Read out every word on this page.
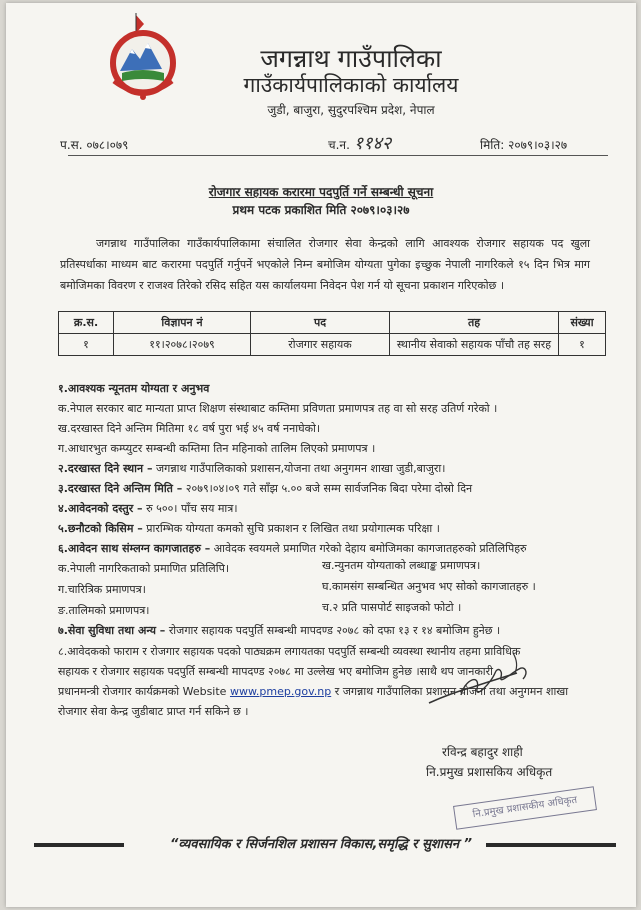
जगन्नाथ गाउँपालिका
गाउँकार्यपालिकाको कार्यालय
जुडी, बाजुरा, सुदुरपश्चिम प्रदेश, नेपाल
प.स. ०७८।०७९	च.न. ११४२	मिति: २०७९।०३।२७
रोजगार सहायक करारमा पदपुर्ति गर्ने सम्बन्धी सूचना
प्रथम पटक प्रकाशित मिति २०७९।०३।२७
जगन्नाथ गाउँपालिका गाउँकार्यपालिकामा संचालित रोजगार सेवा केन्द्रको लागि आवश्यक रोजगार सहायक पद खुला प्रतिस्पर्धाका माध्यम बाट करारमा पदपुर्ति गर्नुपर्ने भएकोले निम्न बमोजिम योग्यता पुगेका इच्छुक नेपाली नागरिकले १५ दिन भित्र माग बमोजिमका विवरण र राजश्व तिरेको रसिद सहित यस कार्यालयमा निवेदन पेश गर्न यो सूचना प्रकाशन गरिएकोछ ।
क्र.स.	विज्ञापन नं	पद	तह	संख्या
१	११।२०७८।२०७९	रोजगार सहायक	स्थानीय सेवाको सहायक पाँचौ तह सरह	१
१.आवश्यक न्यूनतम योग्यता र अनुभव
क.नेपाल सरकार बाट मान्यता प्राप्त शिक्षण संस्थाबाट कम्तिमा प्रविणता प्रमाणपत्र तह वा सो सरह उतिर्ण गरेको ।
ख.दरखास्त दिने अन्तिम मितिमा १८ वर्ष पुरा भई ४५ वर्ष ननाघेको।
ग.आधारभुत कम्प्युटर सम्बन्धी कम्तिमा तिन महिनाको तालिम लिएको प्रमाणपत्र ।
२.दरखास्त दिने स्थान – जगन्नाथ गाउँपालिकाको प्रशासन,योजना तथा अनुगमन शाखा जुडी,बाजुरा।
३.दरखास्त दिने अन्तिम मिति – २०७९।०४।०९ गते साँझ ५.०० बजे सम्म सार्वजनिक बिदा परेमा दोस्रो दिन
४.आवेदनको दस्तुर – रु ५००। पाँच सय मात्र।
५.छनौटको किसिम – प्रारम्भिक योग्यता कमको सुचि प्रकाशन र लिखित तथा प्रयोगात्मक परिक्षा ।
६.आवेदन साथ संम्लग्न कागजातहरु – आवेदक स्वयमले प्रमाणित गरेको देहाय बमोजिमका कागजातहरुको प्रतिलिपिहरु
क.नेपाली नागरिकताको प्रमाणित प्रतिलिपि।	ख.न्युनतम योग्यताको लब्धाङ्क प्रमाणपत्र।
ग.चारित्रिक प्रमाणपत्र।	घ.कामसंग सम्बन्धित अनुभव भए सोको कागजातहरु ।
ङ.तालिमको प्रमाणपत्र।	च.२ प्रति पासपोर्ट साइजको फोटो ।
७.सेवा सुविधा तथा अन्य – रोजगार सहायक पदपुर्ति सम्बन्धी मापदण्ड २०७८ को दफा १३ र १४ बमोजिम हुनेछ ।
८.आवेदकको फाराम र रोजगार सहायक पदको पाठ्यक्रम लगायतका पदपुर्ति सम्बन्धी व्यवस्था स्थानीय तहमा प्राविधिक
सहायक र रोजगार सहायक पदपुर्ति सम्बन्धी मापदण्ड २०७८ मा उल्लेख भए बमोजिम हुनेछ ।साथै थप जानकारी
प्रधानमन्त्री रोजगार कार्यक्रमको Website www.pmep.gov.np र जगन्नाथ गाउँपालिका प्रशासन योजना तथा अनुगमन शाखा
रोजगार सेवा केन्द्र जुडीबाट प्राप्त गर्न सकिने छ ।
रविन्द्र बहादुर शाही
नि.प्रमुख प्रशासकिय अधिकृत
नि.प्रमुख प्रशासकीय अधिकृत
“व्यवसायिक र सिर्जनशिल प्रशासन विकास,समृद्धि र सुशासन ”
